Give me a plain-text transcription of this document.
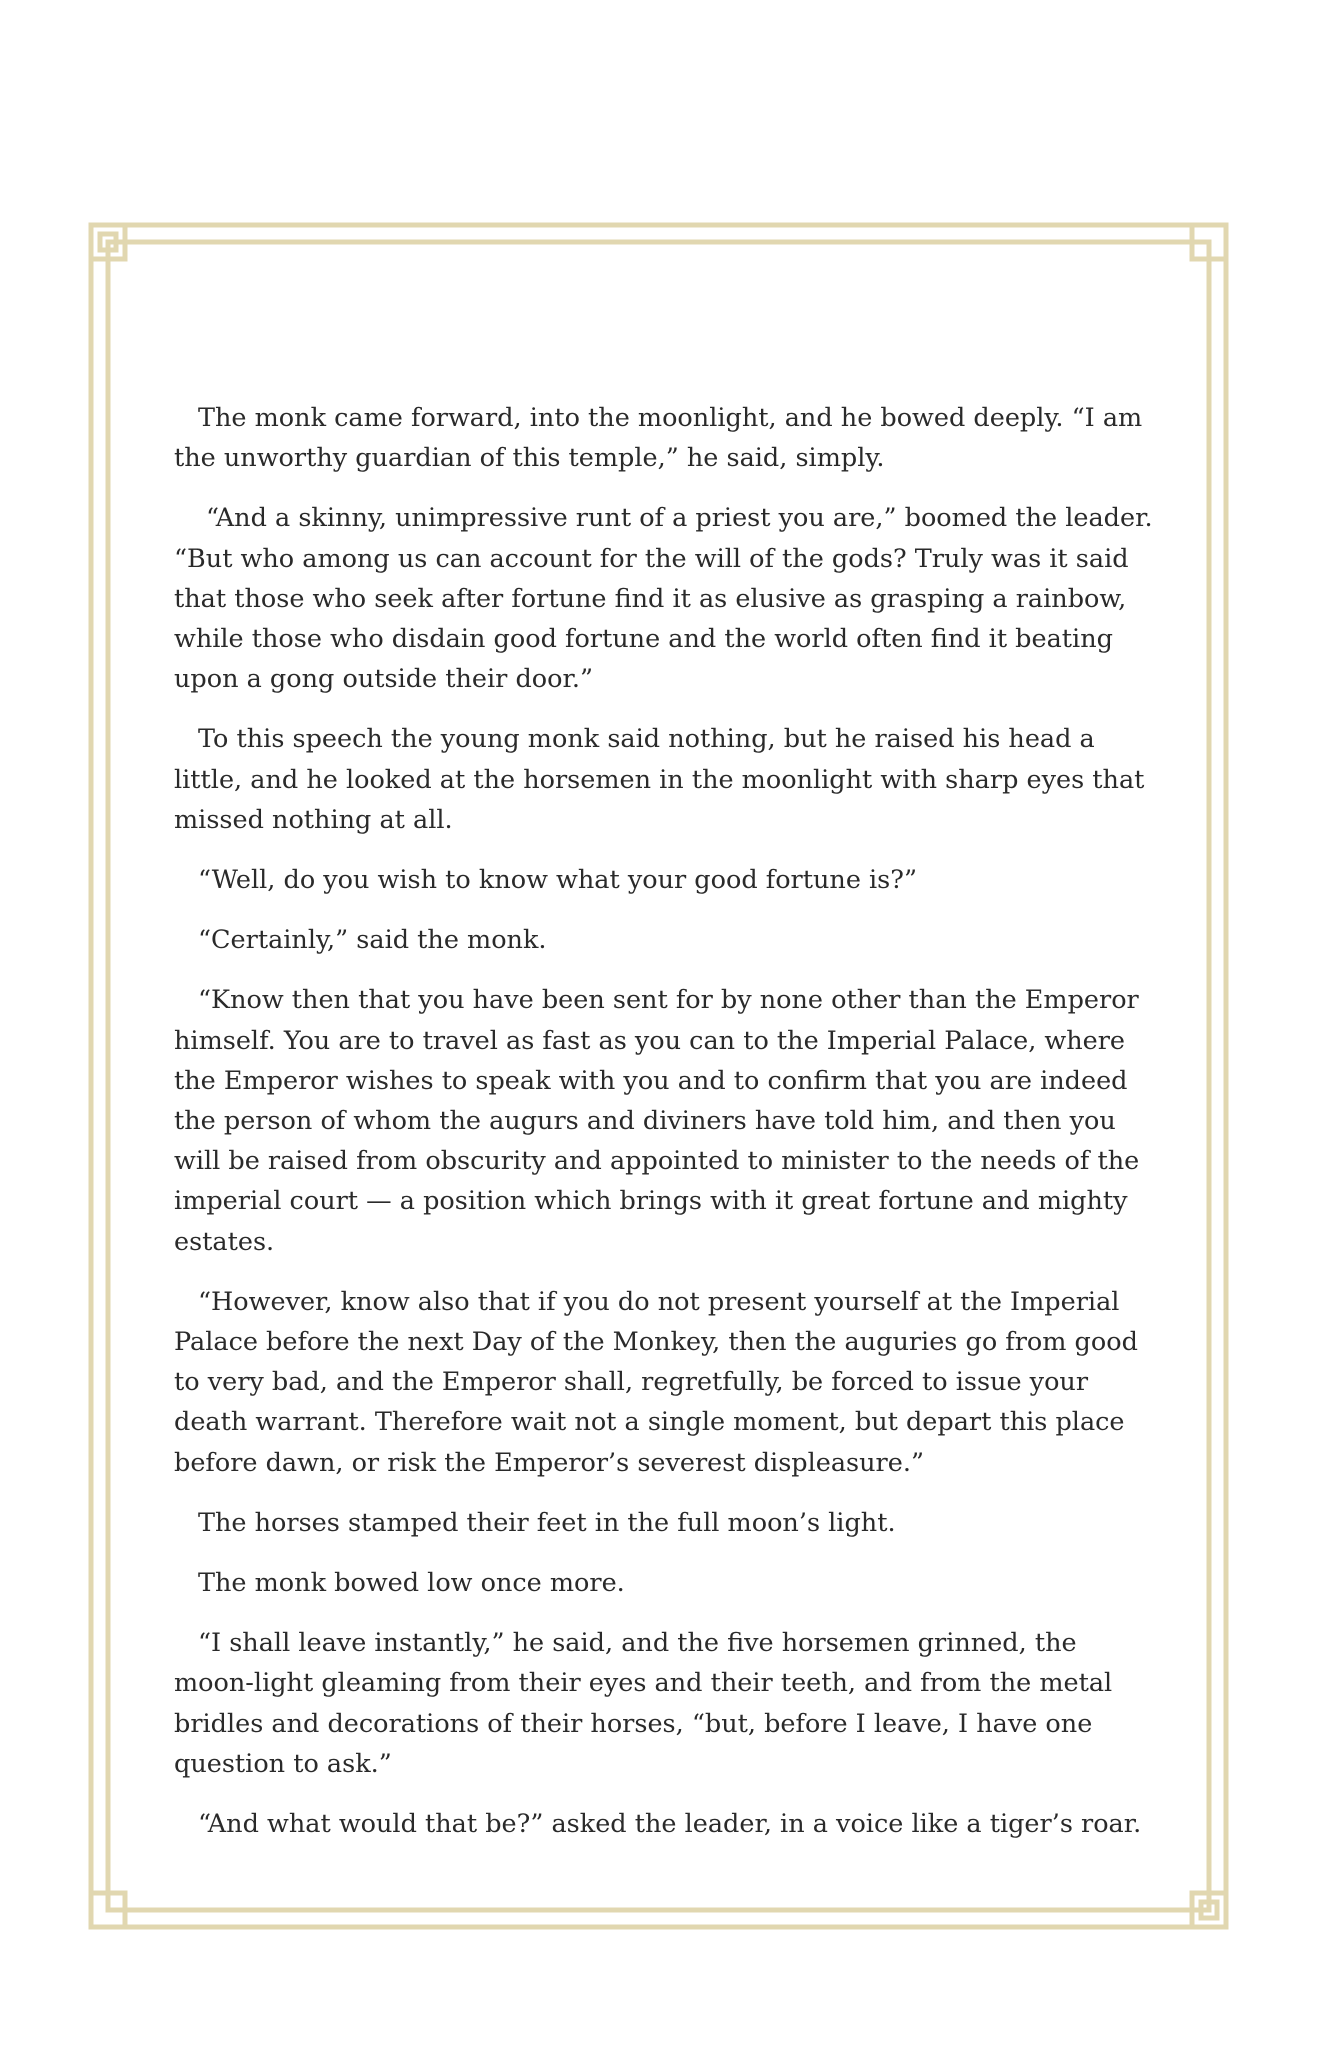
The monk came forward, into the moonlight, and he bowed deeply. “I am the unworthy guardian of this temple,” he said, simply.

“And a skinny, unimpressive runt of a priest you are,” boomed the leader. “But who among us can account for the will of the gods? Truly was it said that those who seek after fortune find it as elusive as grasping a rainbow, while those who disdain good fortune and the world often find it beating upon a gong outside their door.”

To this speech the young monk said nothing, but he raised his head a little, and he looked at the horsemen in the moonlight with sharp eyes that missed nothing at all.

“Well, do you wish to know what your good fortune is?”

“Certainly,” said the monk.

“Know then that you have been sent for by none other than the Emperor himself. You are to travel as fast as you can to the Imperial Palace, where the Emperor wishes to speak with you and to confirm that you are indeed the person of whom the augurs and diviners have told him, and then you will be raised from obscurity and appointed to minister to the needs of the imperial court — a position which brings with it great fortune and mighty estates.

“However, know also that if you do not present yourself at the Imperial Palace before the next Day of the Monkey, then the auguries go from good to very bad, and the Emperor shall, regretfully, be forced to issue your death warrant. Therefore wait not a single moment, but depart this place before dawn, or risk the Emperor’s severest displeasure.”

The horses stamped their feet in the full moon’s light.

The monk bowed low once more.

“I shall leave instantly,” he said, and the five horsemen grinned, the moon-light gleaming from their eyes and their teeth, and from the metal bridles and decorations of their horses, “but, before I leave, I have one question to ask.”

“And what would that be?” asked the leader, in a voice like a tiger’s roar.
